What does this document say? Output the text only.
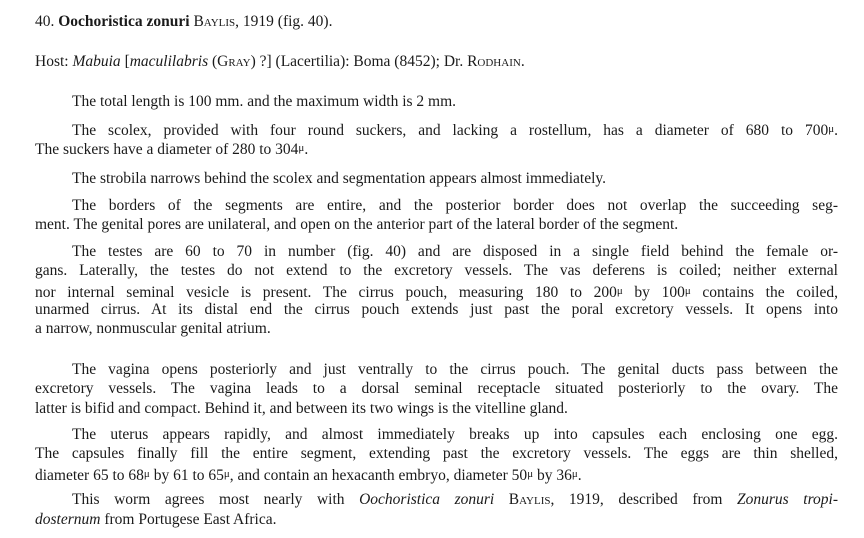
40. Oochoristica zonuri Baylis, 1919 (fig. 40).
Host: Mabuia [maculilabris (Gray) ?] (Lacertilia): Boma (8452); Dr. Rodhain.
The total length is 100 mm. and the maximum width is 2 mm.
The scolex, provided with four round suckers, and lacking a rostellum, has a diameter of 680 to 700μ.
The suckers have a diameter of 280 to 304μ.
The strobila narrows behind the scolex and segmentation appears almost immediately.
The borders of the segments are entire, and the posterior border does not overlap the succeeding seg-
ment. The genital pores are unilateral, and open on the anterior part of the lateral border of the segment.
The testes are 60 to 70 in number (fig. 40) and are disposed in a single field behind the female or-
gans. Laterally, the testes do not extend to the excretory vessels. The vas deferens is coiled; neither external
nor internal seminal vesicle is present. The cirrus pouch, measuring 180 to 200μ by 100μ contains the coiled,
unarmed cirrus. At its distal end the cirrus pouch extends just past the poral excretory vessels. It opens into
a narrow, nonmuscular genital atrium.
The vagina opens posteriorly and just ventrally to the cirrus pouch. The genital ducts pass between the
excretory vessels. The vagina leads to a dorsal seminal receptacle situated posteriorly to the ovary. The
latter is bifid and compact. Behind it, and between its two wings is the vitelline gland.
The uterus appears rapidly, and almost immediately breaks up into capsules each enclosing one egg.
The capsules finally fill the entire segment, extending past the excretory vessels. The eggs are thin shelled,
diameter 65 to 68μ by 61 to 65μ, and contain an hexacanth embryo, diameter 50μ by 36μ.
This worm agrees most nearly with Oochoristica zonuri Baylis, 1919, described from Zonurus tropi-
dosternum from Portugese East Africa.
